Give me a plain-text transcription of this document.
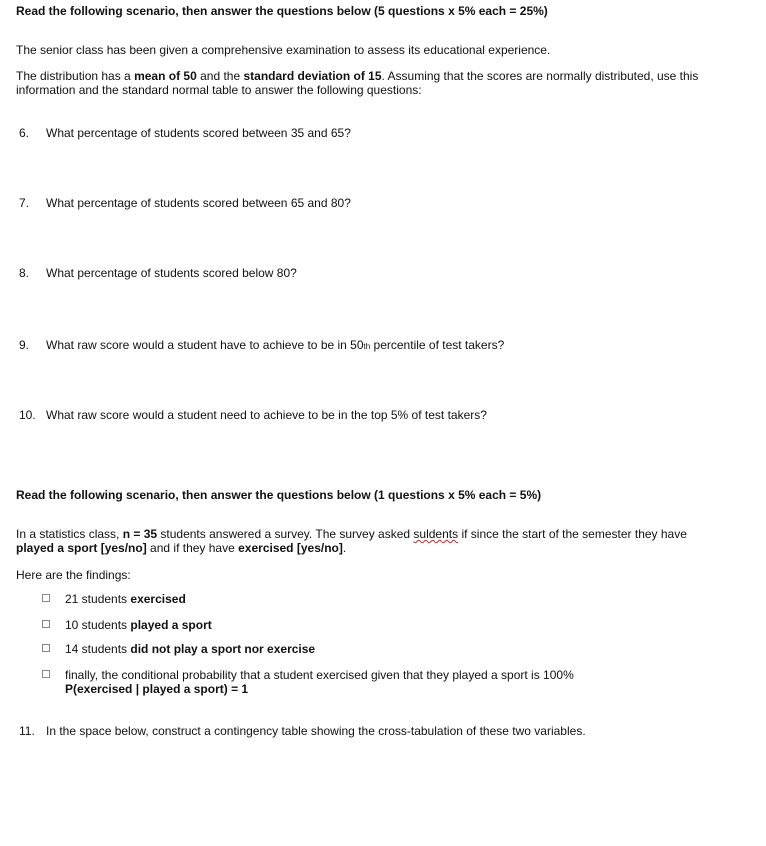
Read the following scenario, then answer the questions below (5 questions x 5% each = 25%)
The senior class has been given a comprehensive examination to assess its educational experience.
The distribution has a mean of 50 and the standard deviation of 15. Assuming that the scores are normally distributed, use this information and the standard normal table to answer the following questions:
6. What percentage of students scored between 35 and 65?
7. What percentage of students scored between 65 and 80?
8. What percentage of students scored below 80?
9. What raw score would a student have to achieve to be in 50th percentile of test takers?
10. What raw score would a student need to achieve to be in the top 5% of test takers?
Read the following scenario, then answer the questions below (1 questions x 5% each = 5%)
In a statistics class, n = 35 students answered a survey. The survey asked suldents if since the start of the semester they have played a sport [yes/no] and if they have exercised [yes/no].
Here are the findings:
21 students exercised
10 students played a sport
14 students did not play a sport nor exercise
finally, the conditional probability that a student exercised given that they played a sport is 100%
P(exercised | played a sport) = 1
11. In the space below, construct a contingency table showing the cross-tabulation of these two variables.
